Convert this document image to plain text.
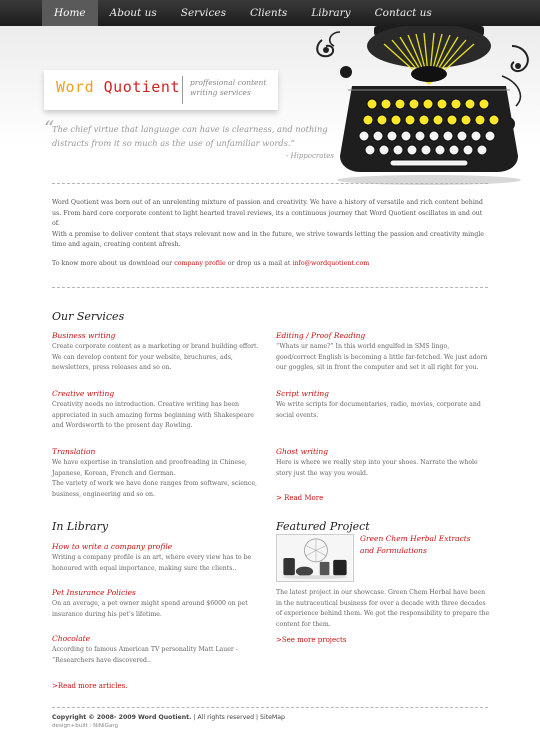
Home	About us	Services	Clients	Library	Contact us
Word Quotient proffesional content
writing services
“
The chief virtue that language can have is clearness, and nothing distracts from it so much as the use of unfamiliar words.”
- Hippocrates

Word Quotient was born out of an unrelenting mixture of passion and creativity. We have a history of versatile and rich content behind us. From hard core corporate content to light hearted travel reviews, its a continuous journey that Word Quotient oscillates in and out of.

With a promise to deliver content that stays relevant now and in the future, we strive towards letting the passion and creativity mingle time and again, creating content afresh.

To know more about us download our company profile or drop us a mail at info@wordquotient.com
Our Services
Business writing
Create corporate content as a marketing or brand building effort. We can develop content for your website, bruchures, ads, newsletters, press releases and so on.
Editing / Proof Reading
“Whats ur name?” In this world engulfed in SMS lingo, good/correct English is becoming a little far-fetched. We just adorn our goggles, sit in front the computer and set it all right for you.
Creative writing
Creativity needs no introduction. Creative writing has been appreciated in such amazing forms beginning with Shakespeare and Wordsworth to the present day Rowling.
Script writing
We write scripts for documentaries, radio, movies, corporate and social events.
Translation
We have expertise in translation and proofreading in Chinese, Japanese, Korean, French and German.
The variety of work we have done ranges from software, science, business, engineering and so on.
Ghost writing
Here is where we really step into your shoes. Narrate the whole story just the way you would.
> Read More
In Library
How to write a company profile
Writing a company profile is an art, where every view has to be honoured with equal importance, making sure the clients..
Pet Insurance Policies
On an average, a pet owner might spend around $6000 on pet insurance during his pet’s lifetime.
Chocolate
According to famous American TV personality Matt Lauer - “Researchers have discovered..
>Read more articles.
Featured Project
Green Chem Herbal Extracts and Formulations
The latest project in our showcase. Green Chem Herbal have been in the nutraceutical business for over a decade with three decades of experience behind them. We got the responsibility to prepare the content for them.
>See more projects
Copyright © 2008- 2009 Word Quotient. | All rights reserved | SiteMap
design+built : NiNiGarg
